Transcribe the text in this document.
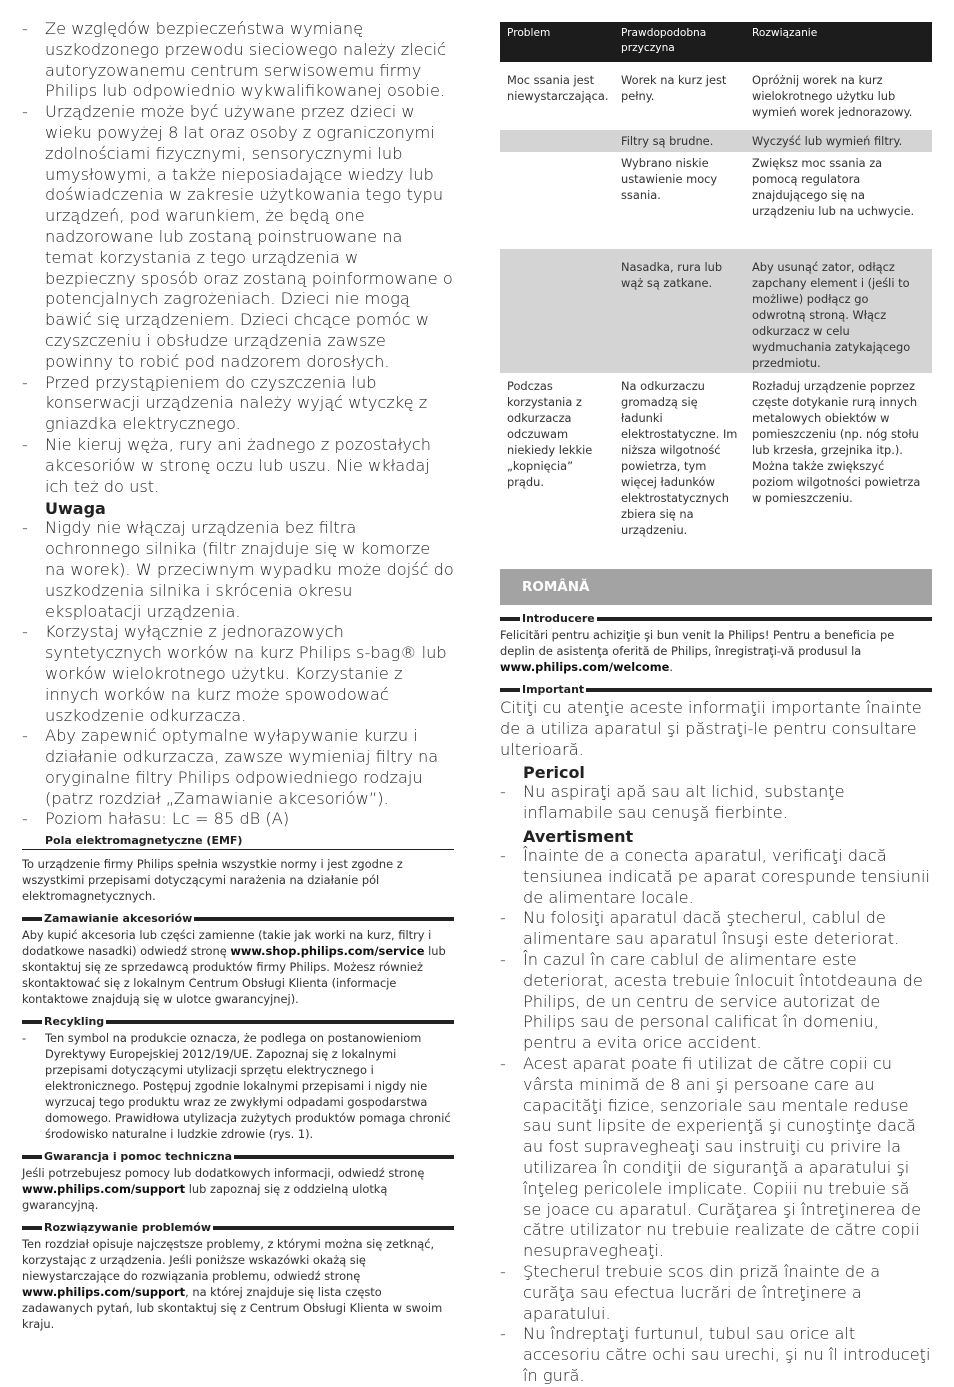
- Ze względów bezpieczeństwa wymianę uszkodzonego przewodu sieciowego należy zlecić autoryzowanemu centrum serwisowemu firmy Philips lub odpowiednio wykwalifikowanej osobie.
- Urządzenie może być używane przez dzieci w wieku powyżej 8 lat oraz osoby z ograniczonymi zdolnościami fizycznymi, sensorycznymi lub umysłowymi, a także nieposiadające wiedzy lub doświadczenia w zakresie użytkowania tego typu urządzeń, pod warunkiem, że będą one nadzorowane lub zostaną poinstruowane na temat korzystania z tego urządzenia w bezpieczny sposób oraz zostaną poinformowane o potencjalnych zagrożeniach. Dzieci nie mogą bawić się urządzeniem. Dzieci chcące pomóc w czyszczeniu i obsłudze urządzenia zawsze powinny to robić pod nadzorem dorosłych.
- Przed przystąpieniem do czyszczenia lub konserwacji urządzenia należy wyjąć wtyczkę z gniazdka elektrycznego.
- Nie kieruj węża, rury ani żadnego z pozostałych akcesoriów w stronę oczu lub uszu. Nie wkładaj ich też do ust.
Uwaga
- Nigdy nie włączaj urządzenia bez filtra ochronnego silnika (filtr znajduje się w komorze na worek). W przeciwnym wypadku może dojść do uszkodzenia silnika i skrócenia okresu eksploatacji urządzenia.
- Korzystaj wyłącznie z jednorazowych syntetycznych worków na kurz Philips s-bag® lub worków wielokrotnego użytku. Korzystanie z innych worków na kurz może spowodować uszkodzenie odkurzacza.
- Aby zapewnić optymalne wyłapywanie kurzu i działanie odkurzacza, zawsze wymieniaj filtry na oryginalne filtry Philips odpowiedniego rodzaju (patrz rozdział „Zamawianie akcesoriów”).
- Poziom hałasu: Lc = 85 dB (A)
Pola elektromagnetyczne (EMF)
To urządzenie firmy Philips spełnia wszystkie normy i jest zgodne z wszystkimi przepisami dotyczącymi narażenia na działanie pól elektromagnetycznych.
Zamawianie akcesoriów
Aby kupić akcesoria lub części zamienne (takie jak worki na kurz, filtry i dodatkowe nasadki) odwiedź stronę www.shop.philips.com/service lub skontaktuj się ze sprzedawcą produktów firmy Philips. Możesz również skontaktować się z lokalnym Centrum Obsługi Klienta (informacje kontaktowe znajdują się w ulotce gwarancyjnej).
Recykling
- Ten symbol na produkcie oznacza, że podlega on postanowieniom Dyrektywy Europejskiej 2012/19/UE. Zapoznaj się z lokalnymi przepisami dotyczącymi utylizacji sprzętu elektrycznego i elektronicznego. Postępuj zgodnie lokalnymi przepisami i nigdy nie wyrzucaj tego produktu wraz ze zwykłymi odpadami gospodarstwa domowego. Prawidłowa utylizacja zużytych produktów pomaga chronić środowisko naturalne i ludzkie zdrowie (rys. 1).
Gwarancja i pomoc techniczna
Jeśli potrzebujesz pomocy lub dodatkowych informacji, odwiedź stronę www.philips.com/support lub zapoznaj się z oddzielną ulotką gwarancyjną.
Rozwiązywanie problemów
Ten rozdział opisuje najczęstsze problemy, z którymi można się zetknąć, korzystając z urządzenia. Jeśli poniższe wskazówki okażą się niewystarczające do rozwiązania problemu, odwiedź stronę www.philips.com/support, na której znajduje się lista często zadawanych pytań, lub skontaktuj się z Centrum Obsługi Klienta w swoim kraju.
Problem	Prawdopodobna przyczyna	Rozwiązanie
Moc ssania jest niewystarczająca.	Worek na kurz jest pełny.	Opróżnij worek na kurz wielokrotnego użytku lub wymień worek jednorazowy.
	Filtry są brudne.	Wyczyść lub wymień filtry.
	Wybrano niskie ustawienie mocy ssania.	Zwiększ moc ssania za pomocą regulatora znajdującego się na urządzeniu lub na uchwycie.
	Nasadka, rura lub wąż są zatkane.	Aby usunąć zator, odłącz zapchany element i (jeśli to możliwe) podłącz go odwrotną stroną. Włącz odkurzacz w celu wydmuchania zatykającego przedmiotu.
Podczas korzystania z odkurzacza odczuwam niekiedy lekkie „kopnięcia” prądu.	Na odkurzaczu gromadzą się ładunki elektrostatyczne. Im niższa wilgotność powietrza, tym więcej ładunków elektrostatycznych zbiera się na urządzeniu.	Rozładuj urządzenie poprzez częste dotykanie rurą innych metalowych obiektów w pomieszczeniu (np. nóg stołu lub krzesła, grzejnika itp.). Można także zwiększyć poziom wilgotności powietrza w pomieszczeniu.
ROMÂNĂ
Introducere
Felicitări pentru achiziţie şi bun venit la Philips! Pentru a beneficia pe deplin de asistenţa oferită de Philips, înregistraţi-vă produsul la www.philips.com/welcome.
Important
Citiţi cu atenţie aceste informaţii importante înainte de a utiliza aparatul şi păstraţi-le pentru consultare ulterioară.
Pericol
- Nu aspiraţi apă sau alt lichid, substanţe inflamabile sau cenuşă fierbinte.
Avertisment
- Înainte de a conecta aparatul, verificaţi dacă tensiunea indicată pe aparat corespunde tensiunii de alimentare locale.
- Nu folosiţi aparatul dacă ştecherul, cablul de alimentare sau aparatul însuşi este deteriorat.
- În cazul în care cablul de alimentare este deteriorat, acesta trebuie înlocuit întotdeauna de Philips, de un centru de service autorizat de Philips sau de personal calificat în domeniu, pentru a evita orice accident.
- Acest aparat poate fi utilizat de către copii cu vârsta minimă de 8 ani şi persoane care au capacităţi fizice, senzoriale sau mentale reduse sau sunt lipsite de experienţă şi cunoştinţe dacă au fost supravegheaţi sau instruiţi cu privire la utilizarea în condiţii de siguranţă a aparatului şi înţeleg pericolele implicate. Copiii nu trebuie să se joace cu aparatul. Curăţarea şi întreţinerea de către utilizator nu trebuie realizate de către copii nesupravegheaţi.
- Ştecherul trebuie scos din priză înainte de a curăţa sau efectua lucrări de întreţinere a aparatului.
- Nu îndreptaţi furtunul, tubul sau orice alt accesoriu către ochi sau urechi, şi nu îl introduceţi în gură.
